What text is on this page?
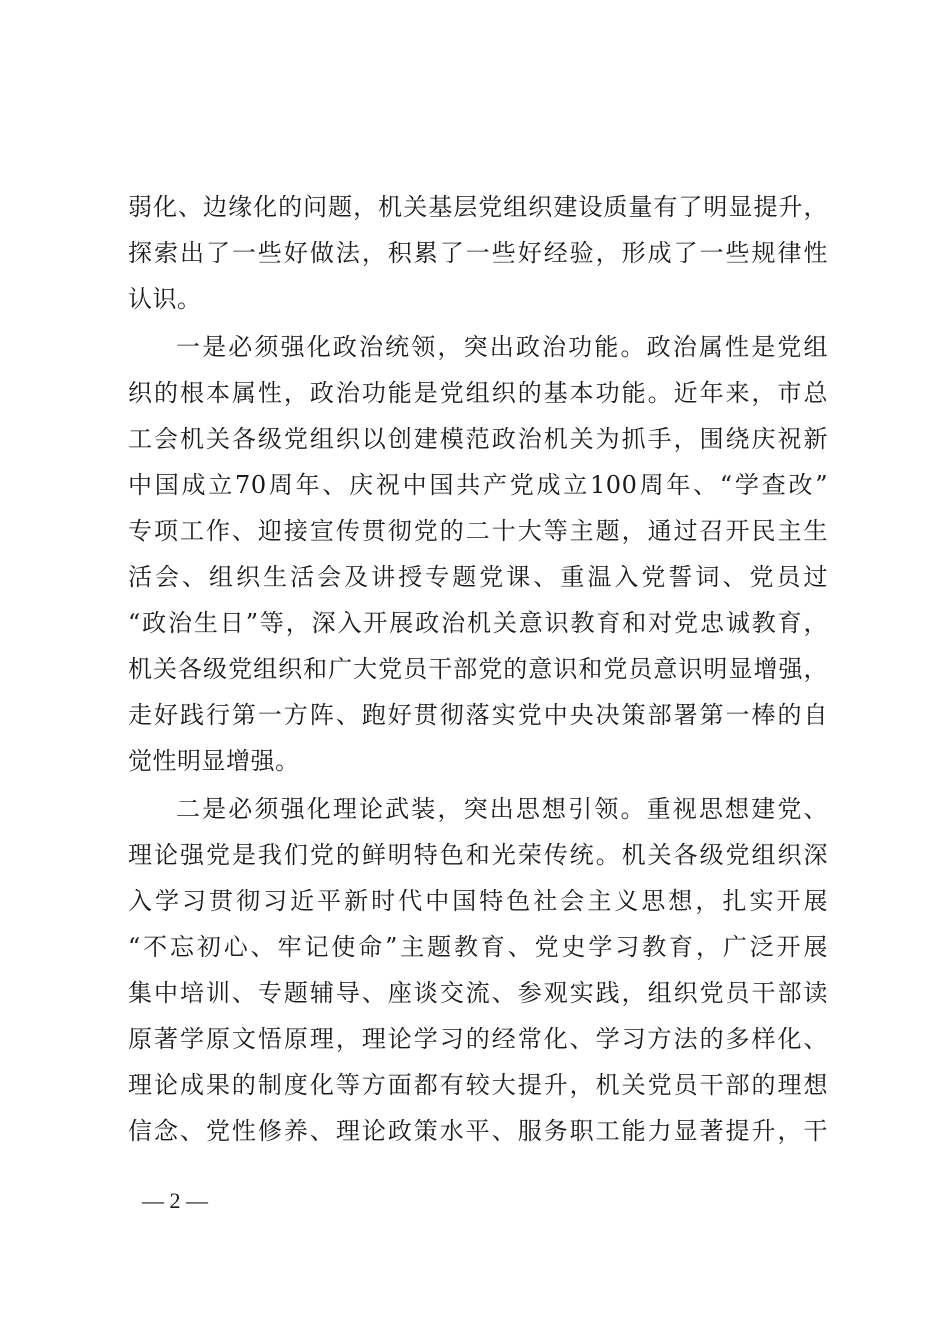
弱化、边缘化的问题，机关基层党组织建设质量有了明显提升，
探索出了一些好做法，积累了一些好经验，形成了一些规律性
认识。
一是必须强化政治统领，突出政治功能。政治属性是党组
织的根本属性，政治功能是党组织的基本功能。近年来，市总
工会机关各级党组织以创建模范政治机关为抓手，围绕庆祝新
中国成立70周年、庆祝中国共产党成立100周年、“学查改”
专项工作、迎接宣传贯彻党的二十大等主题，通过召开民主生
活会、组织生活会及讲授专题党课、重温入党誓词、党员过
“政治生日”等，深入开展政治机关意识教育和对党忠诚教育，
机关各级党组织和广大党员干部党的意识和党员意识明显增强，
走好践行第一方阵、跑好贯彻落实党中央决策部署第一棒的自
觉性明显增强。
二是必须强化理论武装，突出思想引领。重视思想建党、
理论强党是我们党的鲜明特色和光荣传统。机关各级党组织深
入学习贯彻习近平新时代中国特色社会主义思想，扎实开展
“不忘初心、牢记使命”主题教育、党史学习教育，广泛开展
集中培训、专题辅导、座谈交流、参观实践，组织党员干部读
原著学原文悟原理，理论学习的经常化、学习方法的多样化、
理论成果的制度化等方面都有较大提升，机关党员干部的理想
信念、党性修养、理论政策水平、服务职工能力显著提升，干
— 2 —
